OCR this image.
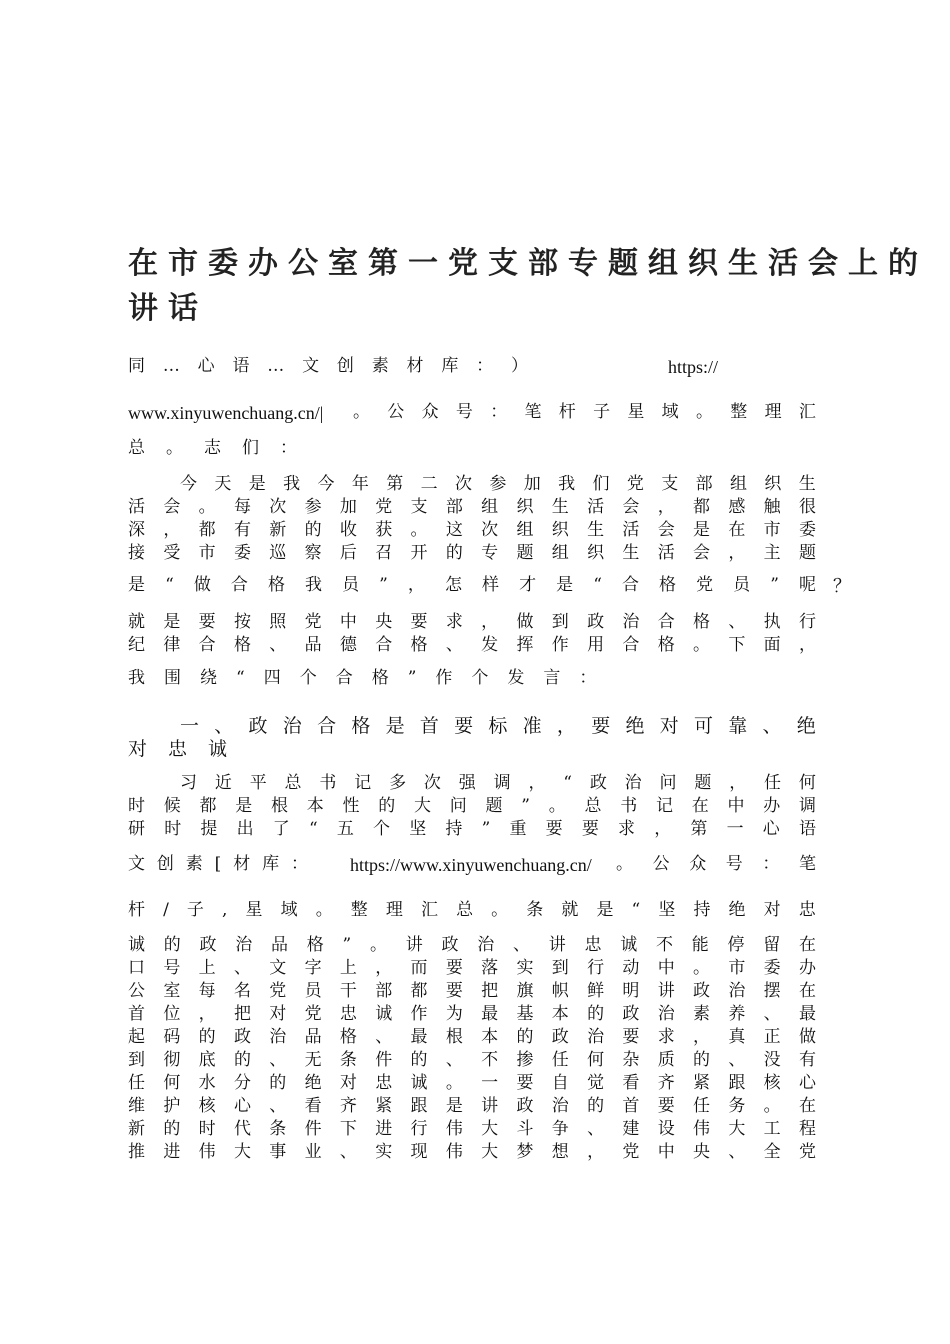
在市委办公室第一党支部专题组织生活会上的
讲话
同 … 心 语 … 文 创 素 材 库 ： ）	https://
www.xinyuwenchuang.cn/| 。 公 众 号 ： 笔 杆 子 星 域 。 整 理 汇
总 。 志 们 ：
今 天 是 我 今 年 第 二 次 参 加 我 们 党 支 部 组 织 生
活 会 。 每 次 参 加 党 支 部 组 织 生 活 会 ， 都 感 触 很
深 ， 都 有 新 的 收 获 。 这 次 组 织 生 活 会 是 在 市 委
接 受 市 委 巡 察 后 召 开 的 专 题 组 织 生 活 会 ， 主 题
是 “ 做 合 格 我 员 ” ， 怎 样 才 是 “ 合 格 党 员 ” 呢 ？
就 是 要 按 照 党 中 央 要 求 ， 做 到 政 治 合 格 、 执 行
纪 律 合 格 、 品 德 合 格 、 发 挥 作 用 合 格 。 下 面 ，
我 围 绕 “ 四 个 合 格 ” 作 个 发 言 ：
一 、 政 治 合 格 是 首 要 标 准 ， 要 绝 对 可 靠 、 绝
对 忠 诚
习 近 平 总 书 记 多 次 强 调 ， “ 政 治 问 题 ， 任 何
时 候 都 是 根 本 性 的 大 问 题 ” 。 总 书 记 在 中 办 调
研 时 提 出 了 “ 五 个 坚 持 ” 重 要 要 求 ， 第 一 心 语
文 创 素 [ 材 库 ： https://www.xinyuwenchuang.cn/ 。 公 众 号 ： 笔
杆 / 子 , 星 域 。 整 理 汇 总 。 条 就 是 “ 坚 持 绝 对 忠
诚 的 政 治 品 格 ” 。 讲 政 治 、 讲 忠 诚 不 能 停 留 在
口 号 上 、 文 字 上 ， 而 要 落 实 到 行 动 中 。 市 委 办
公 室 每 名 党 员 干 部 都 要 把 旗 帜 鲜 明 讲 政 治 摆 在
首 位 ， 把 对 党 忠 诚 作 为 最 基 本 的 政 治 素 养 、 最
起 码 的 政 治 品 格 、 最 根 本 的 政 治 要 求 ， 真 正 做
到 彻 底 的 、 无 条 件 的 、 不 掺 任 何 杂 质 的 、 没 有
任 何 水 分 的 绝 对 忠 诚 。 一 要 自 觉 看 齐 紧 跟 核 心
维 护 核 心 、 看 齐 紧 跟 是 讲 政 治 的 首 要 任 务 。 在
新 的 时 代 条 件 下 进 行 伟 大 斗 争 、 建 设 伟 大 工 程
推 进 伟 大 事 业 、 实 现 伟 大 梦 想 ， 党 中 央 、 全 党
